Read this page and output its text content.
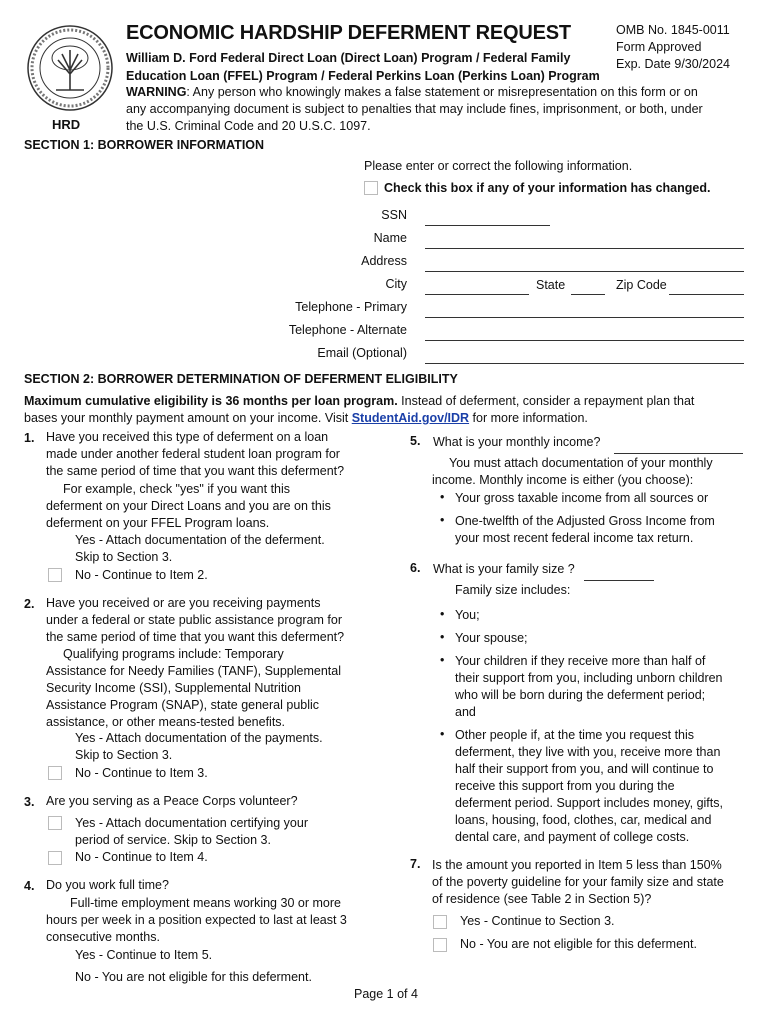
HRD
ECONOMIC HARDSHIP DEFERMENT REQUEST	OMB No. 1845-0011
Form Approved
Exp. Date 9/30/2024
William D. Ford Federal Direct Loan (Direct Loan) Program / Federal Family
Education Loan (FFEL) Program / Federal Perkins Loan (Perkins Loan) Program
WARNING: Any person who knowingly makes a false statement or misrepresentation on this form or on
any accompanying document is subject to penalties that may include fines, imprisonment, or both, under
the U.S. Criminal Code and 20 U.S.C. 1097.
SECTION 1: BORROWER INFORMATION
Please enter or correct the following information.
Check this box if any of your information has changed.
SSN
Name
Address
City	State	Zip Code
Telephone - Primary
Telephone - Alternate
Email (Optional)
SECTION 2: BORROWER DETERMINATION OF DEFERMENT ELIGIBILITY
Maximum cumulative eligibility is 36 months per loan program. Instead of deferment, consider a repayment plan that
bases your monthly payment amount on your income. Visit StudentAid.gov/IDR for more information.
1. Have you received this type of deferment on a loan
made under another federal student loan program for
the same period of time that you want this deferment?
For example, check "yes" if you want this
deferment on your Direct Loans and you are on this
deferment on your FFEL Program loans.
Yes - Attach documentation of the deferment.
Skip to Section 3.
No - Continue to Item 2.
2. Have you received or are you receiving payments
under a federal or state public assistance program for
the same period of time that you want this deferment?
Qualifying programs include: Temporary
Assistance for Needy Families (TANF), Supplemental
Security Income (SSI), Supplemental Nutrition
Assistance Program (SNAP), state general public
assistance, or other means-tested benefits.
Yes - Attach documentation of the payments.
Skip to Section 3.
No - Continue to Item 3.
3. Are you serving as a Peace Corps volunteer?
Yes - Attach documentation certifying your
period of service. Skip to Section 3.
No - Continue to Item 4.
4. Do you work full time?
Full-time employment means working 30 or more
hours per week in a position expected to last at least 3
consecutive months.
Yes - Continue to Item 5.
No - You are not eligible for this deferment.
5. What is your monthly income?
You must attach documentation of your monthly
income. Monthly income is either (you choose):
• Your gross taxable income from all sources or
• One-twelfth of the Adjusted Gross Income from
your most recent federal income tax return.
6. What is your family size ?
Family size includes:
• You;
• Your spouse;
• Your children if they receive more than half of
their support from you, including unborn children
who will be born during the deferment period;
and
• Other people if, at the time you request this
deferment, they live with you, receive more than
half their support from you, and will continue to
receive this support from you during the
deferment period. Support includes money, gifts,
loans, housing, food, clothes, car, medical and
dental care, and payment of college costs.
7. Is the amount you reported in Item 5 less than 150%
of the poverty guideline for your family size and state
of residence (see Table 2 in Section 5)?
Yes - Continue to Section 3.
No - You are not eligible for this deferment.
Page 1 of 4
